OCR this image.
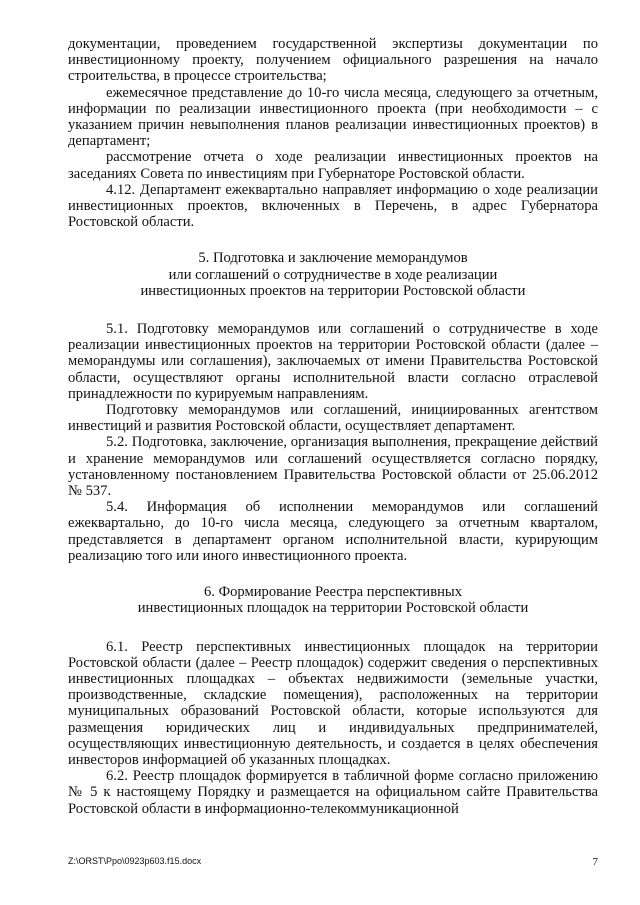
документации, проведением государственной экспертизы документации по инвестиционному проекту, получением официального разрешения на начало строительства, в процессе строительства;

ежемесячное представление до 10-го числа месяца, следующего за отчетным, информации по реализации инвестиционного проекта (при необходимости – с указанием причин невыполнения планов реализации инвестиционных проектов) в департамент;

рассмотрение отчета о ходе реализации инвестиционных проектов на заседаниях Совета по инвестициям при Губернаторе Ростовской области.

4.12. Департамент ежеквартально направляет информацию о ходе реализации инвестиционных проектов, включенных в Перечень, в адрес Губернатора Ростовской области.

5. Подготовка и заключение меморандумов
или соглашений о сотрудничестве в ходе реализации
инвестиционных проектов на территории Ростовской области

5.1. Подготовку меморандумов или соглашений о сотрудничестве в ходе реализации инвестиционных проектов на территории Ростовской области (далее – меморандумы или соглашения), заключаемых от имени Правительства Ростовской области, осуществляют органы исполнительной власти согласно отраслевой принадлежности по курируемым направлениям.

Подготовку меморандумов или соглашений, инициированных агентством инвестиций и развития Ростовской области, осуществляет департамент.

5.2. Подготовка, заключение, организация выполнения, прекращение действий и хранение меморандумов или соглашений осуществляется согласно порядку, установленному постановлением Правительства Ростовской области от 25.06.2012 № 537.

5.4. Информация об исполнении меморандумов или соглашений ежеквартально, до 10-го числа месяца, следующего за отчетным кварталом, представляется в департамент органом исполнительной власти, курирующим реализацию того или иного инвестиционного проекта.

6. Формирование Реестра перспективных
инвестиционных площадок на территории Ростовской области

6.1. Реестр перспективных инвестиционных площадок на территории Ростовской области (далее – Реестр площадок) содержит сведения о перспективных инвестиционных площадках – объектах недвижимости (земельные участки, производственные, складские помещения), расположенных на территории муниципальных образований Ростовской области, которые используются для размещения юридических лиц и индивидуальных предпринимателей, осуществляющих инвестиционную деятельность, и создается в целях обеспечения инвесторов информацией об указанных площадках.

6.2. Реестр площадок формируется в табличной форме согласно приложению № 5 к настоящему Порядку и размещается на официальном сайте Правительства Ростовской области в информационно-телекоммуникационной

Z:\ORST\Ppo\0923p603.f15.docx	7
